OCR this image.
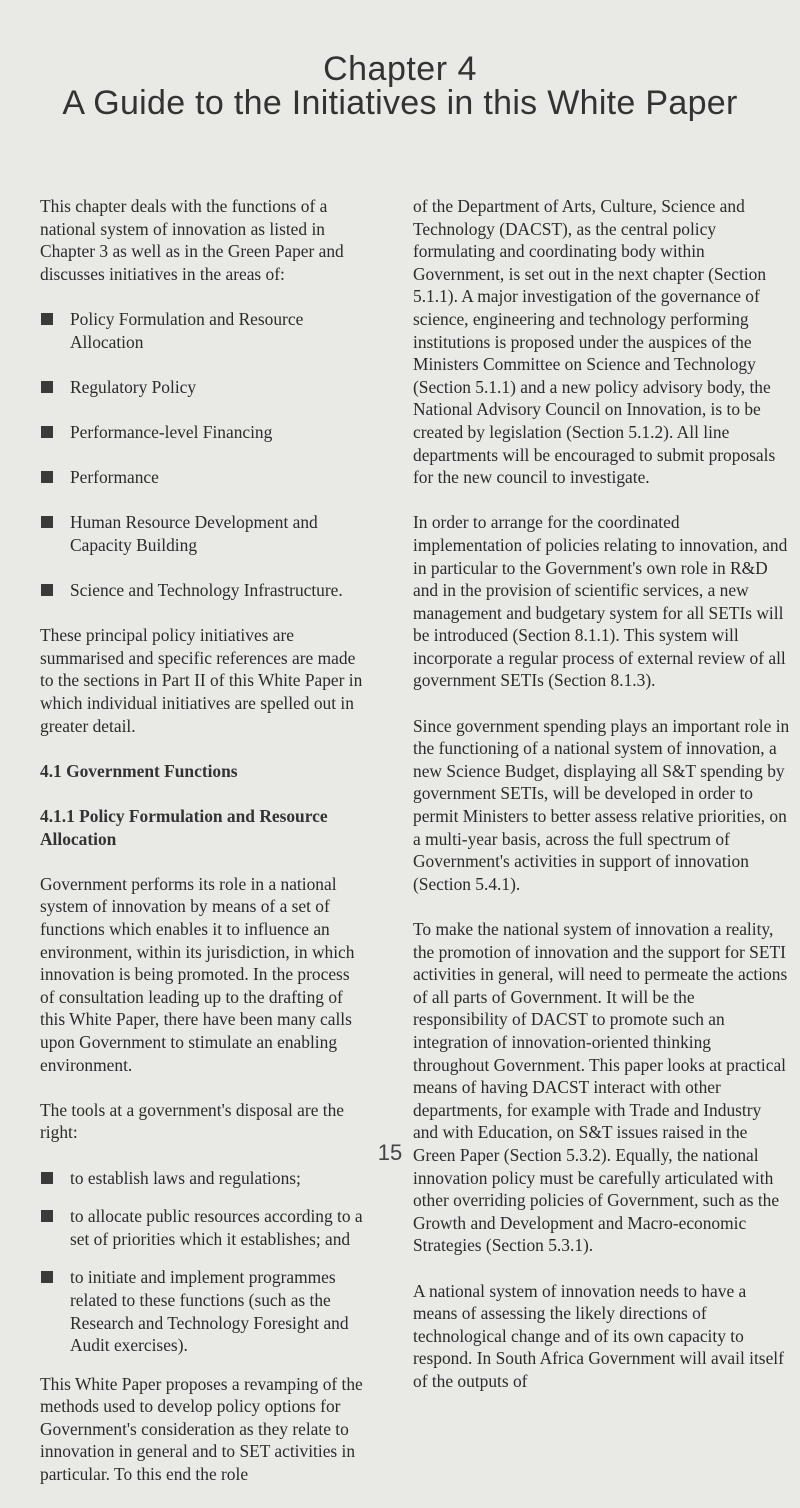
Chapter 4
A Guide to the Initiatives in this White Paper

This chapter deals with the functions of a national system of innovation as listed in Chapter 3 as well as in the Green Paper and discusses initiatives in the areas of:

Policy Formulation and Resource Allocation
Regulatory Policy
Performance-level Financing
Performance
Human Resource Development and Capacity Building
Science and Technology Infrastructure.

These principal policy initiatives are summarised and specific references are made to the sections in Part II of this White Paper in which individual initiatives are spelled out in greater detail.

4.1 Government Functions

4.1.1 Policy Formulation and Resource Allocation

Government performs its role in a national system of innovation by means of a set of functions which enables it to influence an environment, within its jurisdiction, in which innovation is being promoted. In the process of consultation leading up to the drafting of this White Paper, there have been many calls upon Government to stimulate an enabling environment.

The tools at a government's disposal are the right:

to establish laws and regulations;
to allocate public resources according to a set of priorities which it establishes; and
to initiate and implement programmes related to these functions (such as the Research and Technology Foresight and Audit exercises).

This White Paper proposes a revamping of the methods used to develop policy options for Government's consideration as they relate to innovation in general and to SET activities in particular. To this end the role

of the Department of Arts, Culture, Science and Technology (DACST), as the central policy formulating and coordinating body within Government, is set out in the next chapter (Section 5.1.1). A major investigation of the governance of science, engineering and technology performing institutions is proposed under the auspices of the Ministers Committee on Science and Technology (Section 5.1.1) and a new policy advisory body, the National Advisory Council on Innovation, is to be created by legislation (Section 5.1.2). All line departments will be encouraged to submit proposals for the new council to investigate.

In order to arrange for the coordinated implementation of policies relating to innovation, and in particular to the Government's own role in R&D and in the provision of scientific services, a new management and budgetary system for all SETIs will be introduced (Section 8.1.1). This system will incorporate a regular process of external review of all government SETIs (Section 8.1.3).

Since government spending plays an important role in the functioning of a national system of innovation, a new Science Budget, displaying all S&T spending by government SETIs, will be developed in order to permit Ministers to better assess relative priorities, on a multi-year basis, across the full spectrum of Government's activities in support of innovation (Section 5.4.1).

To make the national system of innovation a reality, the promotion of innovation and the support for SETI activities in general, will need to permeate the actions of all parts of Government. It will be the responsibility of DACST to promote such an integration of innovation-oriented thinking throughout Government. This paper looks at practical means of having DACST interact with other departments, for example with Trade and Industry and with Education, on S&T issues raised in the Green Paper (Section 5.3.2). Equally, the national innovation policy must be carefully articulated with other overriding policies of Government, such as the Growth and Development and Macro-economic Strategies (Section 5.3.1).

A national system of innovation needs to have a means of assessing the likely directions of technological change and of its own capacity to respond. In South Africa Government will avail itself of the outputs of

15
